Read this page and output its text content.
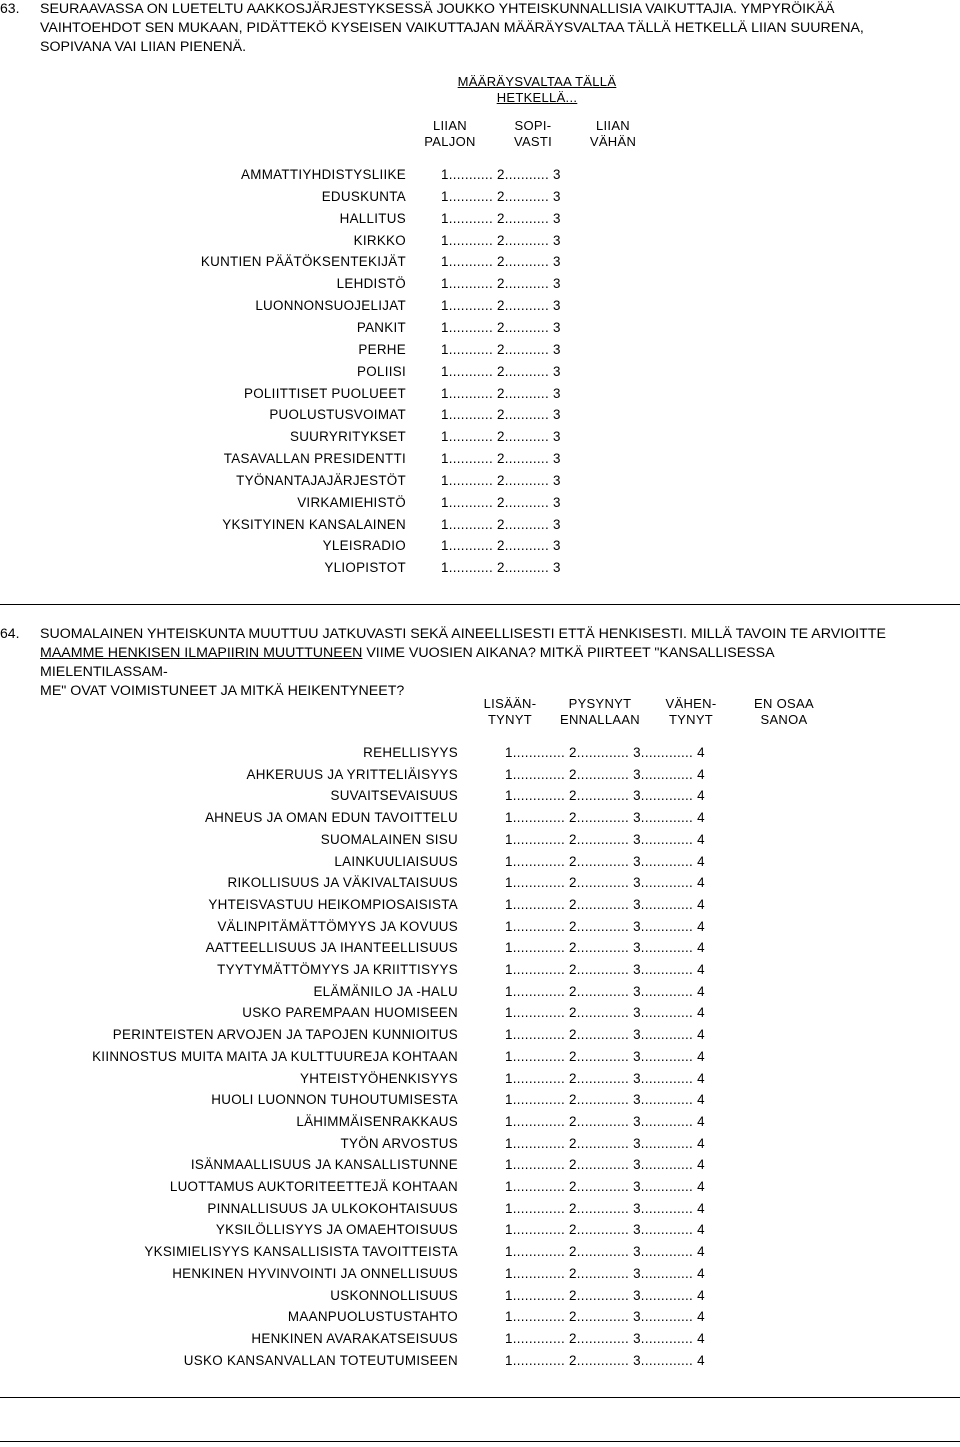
63. SEURAAVASSA ON LUETELTU AAKKOSJÄRJESTYKSESSÄ JOUKKO YHTEISKUNNALLISIA VAIKUTTAJIA. YMPYRÖIKÄÄ
VAIHTOEHDOT SEN MUKAAN, PIDÄTTEKÖ KYSEISEN VAIKUTTAJAN MÄÄRÄYSVALTAA TÄLLÄ HETKELLÄ LIIAN SUURENA,
SOPIVANA VAI LIIAN PIENENÄ.
MÄÄRÄYSVALTAA TÄLLÄ
HETKELLÄ...
LIIAN
PALJON
SOPI-
VASTI
LIIAN
VÄHÄN
AMMATTIYHDISTYSLIIKE	1........... 2........... 3
EDUSKUNTA	1........... 2........... 3
HALLITUS	1........... 2........... 3
KIRKKO	1........... 2........... 3
KUNTIEN PÄÄTÖKSENTEKIJÄT	1........... 2........... 3
LEHDISTÖ	1........... 2........... 3
LUONNONSUOJELIJAT	1........... 2........... 3
PANKIT	1........... 2........... 3
PERHE	1........... 2........... 3
POLIISI	1........... 2........... 3
POLIITTISET PUOLUEET	1........... 2........... 3
PUOLUSTUSVOIMAT	1........... 2........... 3
SUURYRITYKSET	1........... 2........... 3
TASAVALLAN PRESIDENTTI	1........... 2........... 3
TYÖNANTAJAJÄRJESTÖT	1........... 2........... 3
VIRKAMIEHISTÖ	1........... 2........... 3
YKSITYINEN KANSALAINEN	1........... 2........... 3
YLEISRADIO	1........... 2........... 3
YLIOPISTOT	1........... 2........... 3
64. SUOMALAINEN YHTEISKUNTA MUUTTUU JATKUVASTI SEKÄ AINEELLISESTI ETTÄ HENKISESTI. MILLÄ TAVOIN TE ARVIOITTE
MAAMME HENKISEN ILMAPIIRIN MUUTTUNEEN VIIME VUOSIEN AIKANA? MITKÄ PIIRTEET "KANSALLISESSA
MIELENTILASSAM-
ME" OVAT VOIMISTUNEET JA MITKÄ HEIKENTYNEET?
LISÄÄN-
TYNYT
PYSYNYT
ENNALLAAN
VÄHEN-
TYNYT
EN OSAA
SANOA
REHELLISYYS	1............. 2............. 3............. 4
AHKERUUS JA YRITTELIÄISYYS	1............. 2............. 3............. 4
SUVAITSEVAISUUS	1............. 2............. 3............. 4
AHNEUS JA OMAN EDUN TAVOITTELU	1............. 2............. 3............. 4
SUOMALAINEN SISU	1............. 2............. 3............. 4
LAINKUULIAISUUS	1............. 2............. 3............. 4
RIKOLLISUUS JA VÄKIVALTAISUUS	1............. 2............. 3............. 4
YHTEISVASTUU HEIKOMPIOSAISISTA	1............. 2............. 3............. 4
VÄLINPITÄMÄTTÖMYYS JA KOVUUS	1............. 2............. 3............. 4
AATTEELLISUUS JA IHANTEELLISUUS	1............. 2............. 3............. 4
TYYTYMÄTTÖMYYS JA KRIITTISYYS	1............. 2............. 3............. 4
ELÄMÄNILO JA -HALU	1............. 2............. 3............. 4
USKO PAREMPAAN HUOMISEEN	1............. 2............. 3............. 4
PERINTEISTEN ARVOJEN JA TAPOJEN KUNNIOITUS	1............. 2............. 3............. 4
KIINNOSTUS MUITA MAITA JA KULTTUUREJA KOHTAAN	1............. 2............. 3............. 4
YHTEISTYÖHENKISYYS	1............. 2............. 3............. 4
HUOLI LUONNON TUHOUTUMISESTA	1............. 2............. 3............. 4
LÄHIMMÄISENRAKKAUS	1............. 2............. 3............. 4
TYÖN ARVOSTUS	1............. 2............. 3............. 4
ISÄNMAALLISUUS JA KANSALLISTUNNE	1............. 2............. 3............. 4
LUOTTAMUS AUKTORITEETTEJÄ KOHTAAN	1............. 2............. 3............. 4
PINNALLISUUS JA ULKOKOHTAISUUS	1............. 2............. 3............. 4
YKSILÖLLISYYS JA OMAEHTOISUUS	1............. 2............. 3............. 4
YKSIMIELISYYS KANSALLISISTA TAVOITTEISTA	1............. 2............. 3............. 4
HENKINEN HYVINVOINTI JA ONNELLISUUS	1............. 2............. 3............. 4
USKONNOLLISUUS	1............. 2............. 3............. 4
MAANPUOLUSTUSTAHTO	1............. 2............. 3............. 4
HENKINEN AVARAKATSEISUUS	1............. 2............. 3............. 4
USKO KANSANVALLAN TOTEUTUMISEEN	1............. 2............. 3............. 4
